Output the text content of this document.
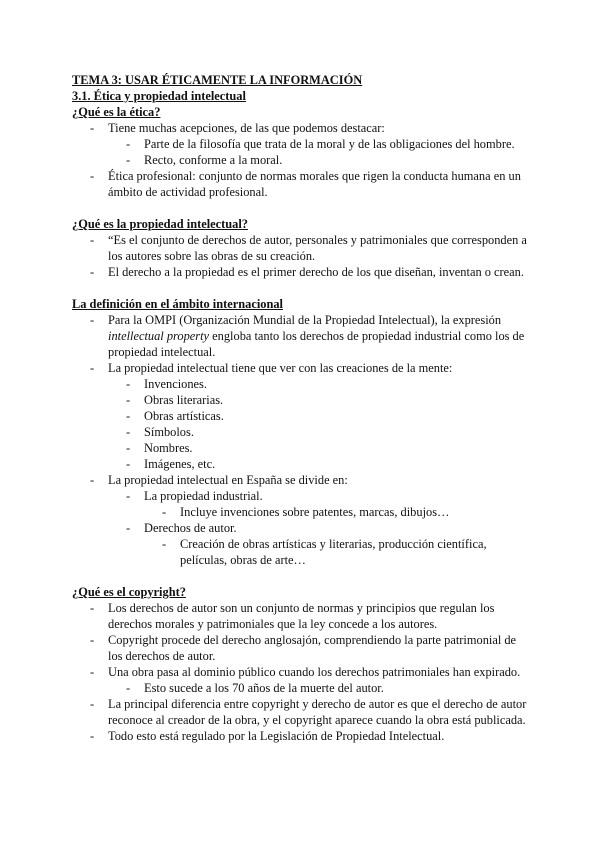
TEMA 3: USAR ÉTICAMENTE LA INFORMACIÓN

3.1. Ética y propiedad intelectual

¿Qué es la ética?

- Tiene muchas acepciones, de las que podemos destacar:
- Parte de la filosofía que trata de la moral y de las obligaciones del hombre.
- Recto, conforme a la moral.
- Ética profesional: conjunto de normas morales que rigen la conducta humana en un ámbito de actividad profesional.

¿Qué es la propiedad intelectual?

- “Es el conjunto de derechos de autor, personales y patrimoniales que corresponden a los autores sobre las obras de su creación.
- El derecho a la propiedad es el primer derecho de los que diseñan, inventan o crean.

La definición en el ámbito internacional

- Para la OMPI (Organización Mundial de la Propiedad Intelectual), la expresión intellectual property engloba tanto los derechos de propiedad industrial como los de propiedad intelectual.
- La propiedad intelectual tiene que ver con las creaciones de la mente:
- Invenciones.
- Obras literarias.
- Obras artísticas.
- Símbolos.
- Nombres.
- Imágenes, etc.
- La propiedad intelectual en España se divide en:
- La propiedad industrial.
- Incluye invenciones sobre patentes, marcas, dibujos…
- Derechos de autor.
- Creación de obras artísticas y literarias, producción científica, películas, obras de arte…

¿Qué es el copyright?

- Los derechos de autor son un conjunto de normas y principios que regulan los derechos morales y patrimoniales que la ley concede a los autores.
- Copyright procede del derecho anglosajón, comprendiendo la parte patrimonial de los derechos de autor.
- Una obra pasa al dominio público cuando los derechos patrimoniales han expirado.
- Esto sucede a los 70 años de la muerte del autor.
- La principal diferencia entre copyright y derecho de autor es que el derecho de autor reconoce al creador de la obra, y el copyright aparece cuando la obra está publicada.
- Todo esto está regulado por la Legislación de Propiedad Intelectual.
